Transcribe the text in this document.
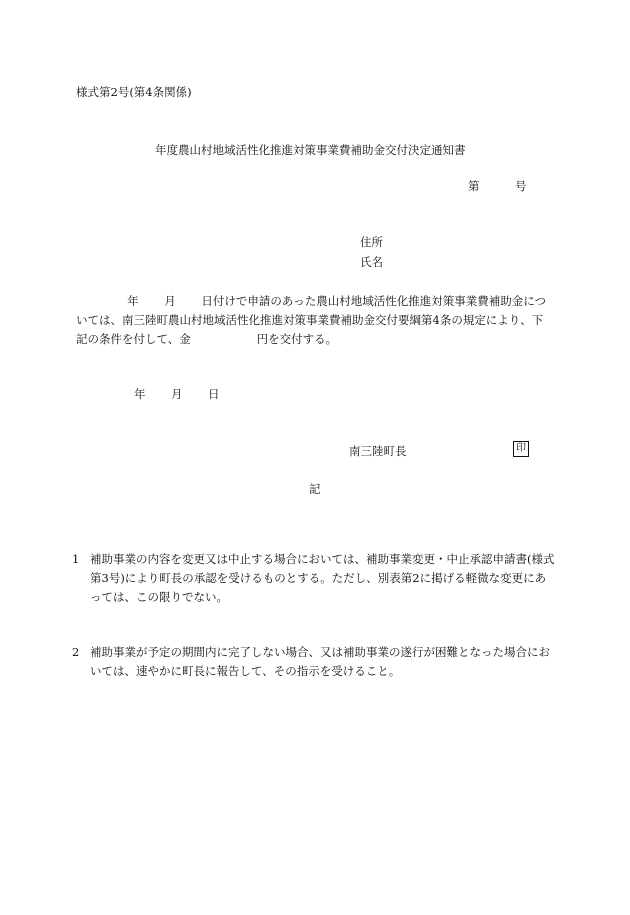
様式第2号(第4条関係)
年度農山村地域活性化推進対策事業費補助金交付決定通知書
第	号
住所
氏名
年 月 日付けで申請のあった農山村地域活性化推進対策事業費補助金につ
いては、南三陸町農山村地域活性化推進対策事業費補助金交付要綱第4条の規定により、下
記の条件を付して、金	円を交付する。
年 月 日
南三陸町長	印
記

1 補助事業の内容を変更又は中止する場合においては、補助事業変更・中止承認申請書(様式第3号)により町長の承認を受けるものとする。ただし、別表第2に掲げる軽微な変更にあっては、この限りでない。

2 補助事業が予定の期間内に完了しない場合、又は補助事業の遂行が困難となった場合においては、速やかに町長に報告して、その指示を受けること。
